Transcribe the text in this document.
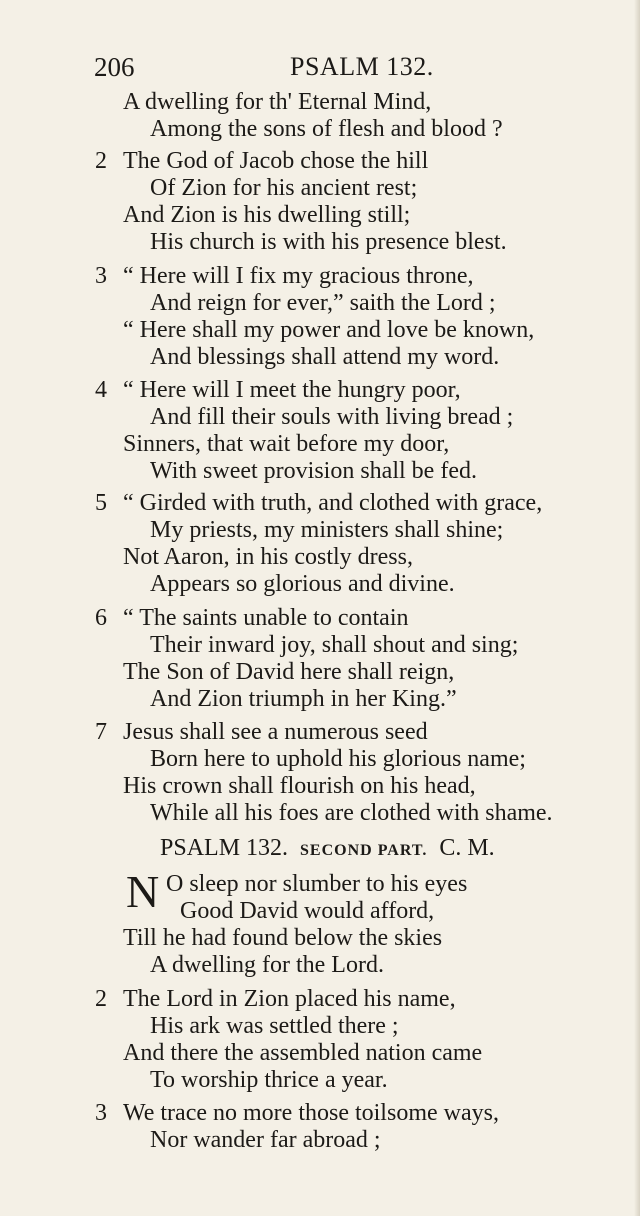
206	PSALM 132.
A dwelling for th' Eternal Mind,
Among the sons of flesh and blood ?
2 The God of Jacob chose the hill
Of Zion for his ancient rest;
And Zion is his dwelling still;
His church is with his presence blest.
3 “ Here will I fix my gracious throne,
And reign for ever,” saith the Lord ;
“ Here shall my power and love be known,
And blessings shall attend my word.
4 “ Here will I meet the hungry poor,
And fill their souls with living bread ;
Sinners, that wait before my door,
With sweet provision shall be fed.
5 “ Girded with truth, and clothed with grace,
My priests, my ministers shall shine;
Not Aaron, in his costly dress,
Appears so glorious and divine.
6 “ The saints unable to contain
Their inward joy, shall shout and sing;
The Son of David here shall reign,
And Zion triumph in her King.”
7 Jesus shall see a numerous seed
Born here to uphold his glorious name;
His crown shall flourish on his head,
While all his foes are clothed with shame.
PSALM 132. SECOND PART. C. M.
N O sleep nor slumber to his eyes
Good David would afford,
Till he had found below the skies
A dwelling for the Lord.
2 The Lord in Zion placed his name,
His ark was settled there ;
And there the assembled nation came
To worship thrice a year.
3 We trace no more those toilsome ways,
Nor wander far abroad ;
